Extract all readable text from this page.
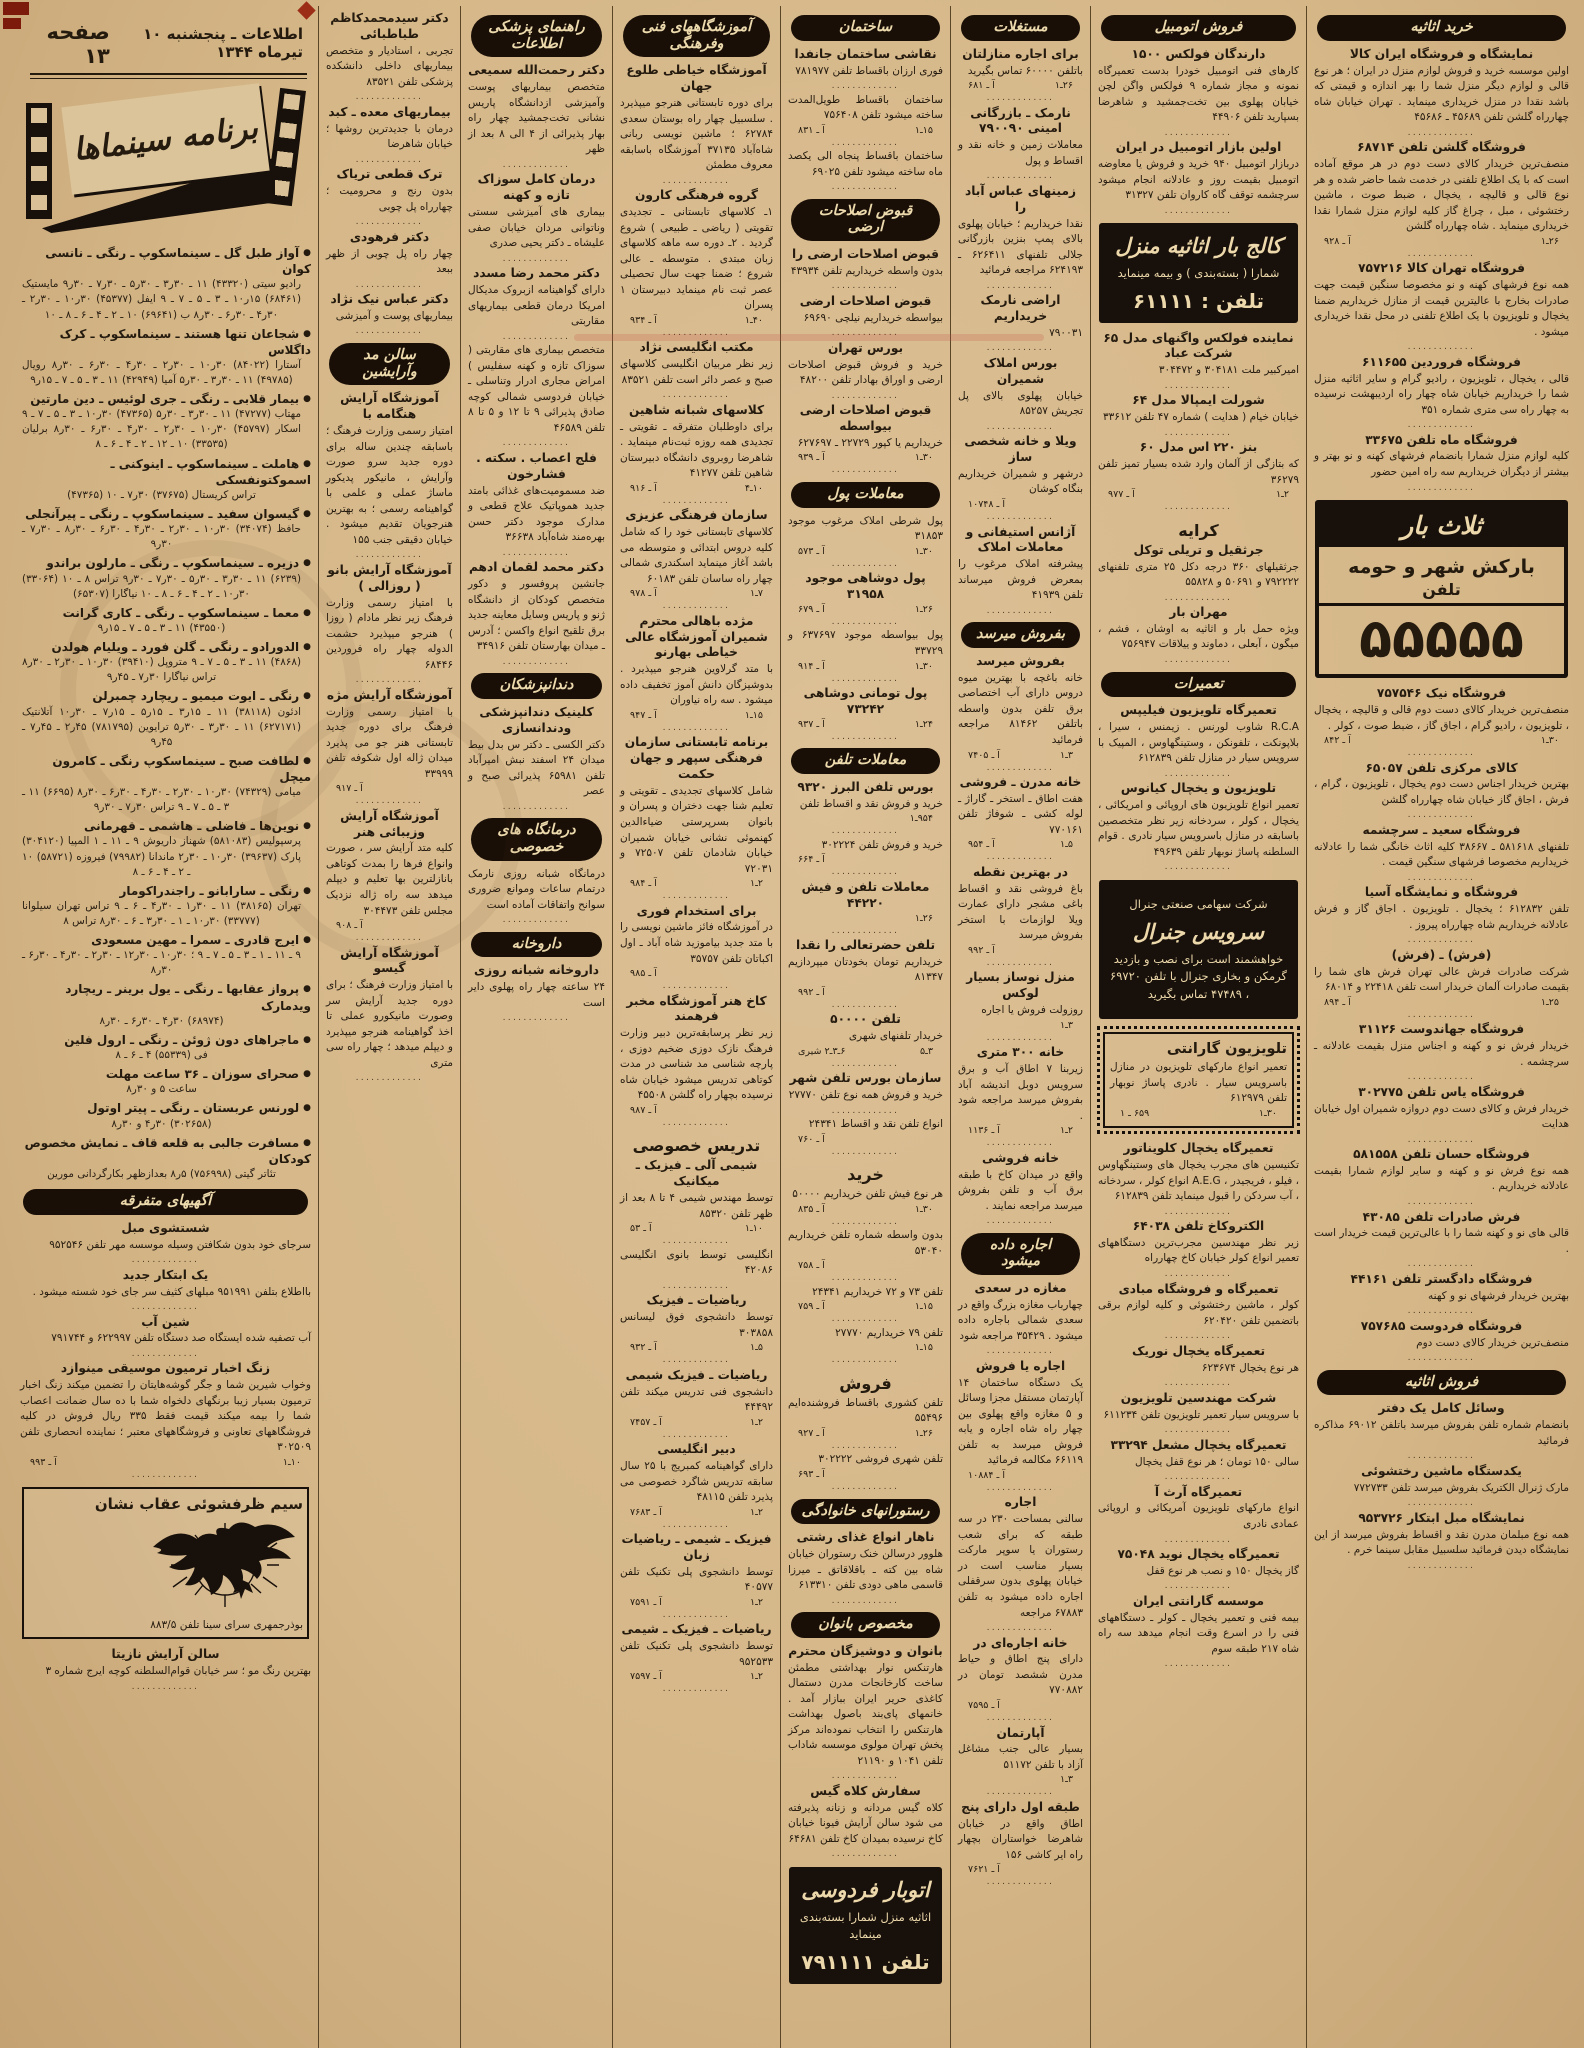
خرید اثاثیه
نمایشگاه و فروشگاه ایران کالا
اولین موسسه خرید و فروش لوازم منزل در ایران ؛ هر نوع قالی و لوازم دیگر منزل شما را بهر اندازه و قیمتی که باشد نقدا در منزل خریداری مینماید . تهران خیابان شاه چهارراه گلشن تلفن ۴۵۶۸۹ ـ ۴۵۶۸۶
.............
فروشگاه گلشن تلفن ۶۸۷۱۴
منصف‌ترین خریدار کالای دست دوم در هر موقع آماده است که با یک اطلاع تلفنی در خدمت شما حاضر شده و هر نوع قالی و قالیچه ، یخچال ، ضبط صوت ، ماشین رختشوئی ، مبل ، چراغ گاز کلیه لوازم منزل شمارا نقدا خریداری مینماید . شاه چهارراه گلشن
۲۶ـ۱
آ ـ ۹۲۸
.............
فروشگاه تهران کالا ۷۵۷۲۱۶
همه نوع فرشهای کهنه و نو مخصوصا سنگین قیمت جهت صادرات بخارج با عالیترین قیمت از منازل خریداریم ضمنا یخچال و تلویزیون با یک اطلاع تلفنی در محل نقدا خریداری میشود .
.............
فروشگاه فروردین ۶۱۱۶۵۵
قالی ، یخچال ، تلویزیون ، رادیو گرام و سایر اثاثیه منزل شما را خریداریم خیابان شاه چهار راه اردیبهشت نرسیده به چهار راه سی متری شماره ۳۵۱
.............
فروشگاه ماه تلفن ۳۳۶۷۵
کلیه لوازم منزل شمارا بانضمام فرشهای کهنه و نو بهتر و بیشتر از دیگران خریداریم سه راه امین حضور
.............
ثلاث بار
بارکش شهر و حومه
تلفن
۵۵۵۵۵
فروشگاه نیک ۷۵۷۵۴۶
منصف‌ترین خریدار کالای دست دوم قالی و قالیچه ، یخچال ، تلویزیون ، رادیو گرام ، اجاق گاز ، ضبط صوت ، کولر .
۳۰ـ۱
آ ـ ۸۴۲
.............
کالای مرکزی تلفن ۶۵۰۵۷
بهترین خریدار اجناس دست دوم یخچال ، تلویزیون ، گرام ، فرش ، اجاق گاز خیابان شاه چهارراه گلشن
.............
فروشگاه سعید ـ سرچشمه
تلفنهای ۵۸۱۶۱۸ ـ ۳۸۶۶۷ کلیه اثاث خانگی شما را عادلانه خریداریم مخصوصا فرشهای سنگین قیمت .
.............
فروشگاه و نمایشگاه آسیا
تلفن ۶۱۲۸۳۲ ؛ یخچال . تلویزیون . اجاق گاز و فرش عادلانه خریداریم شاه چهارراه پیروز .
.............
(فرش) ـ (فرش)
شرکت صادرات فرش عالی تهران فرش های شما را بقیمت صادرات آلمان خریدار است تلفن ۲۲۴۱۸ و ۶۸۰۱۴
۲۵ـ۱
آ ـ ۸۹۴
.............
فروشگاه جهاندوست ۳۱۱۲۶
خریدار فرش نو و کهنه و اجناس منزل بقیمت عادلانه ـ سرچشمه .
.............
فروشگاه یاس تلفن ۳۰۲۷۷۵
خریدار فرش و کالای دست دوم دروازه شمیران اول خیابان هدایت
.............
فروشگاه حسان تلفن ۵۸۱۵۵۸
همه نوع فرش نو و کهنه و سایر لوازم شمارا بقیمت عادلانه خریداریم .
.............
فرش صادرات تلفن ۴۳۰۸۵
قالی های نو و کهنه شما را با عالی‌ترین قیمت خریدار است .
.............
فروشگاه دادگستر تلفن ۴۴۱۶۱
بهترین خریدار فرشهای نو و کهنه
.............
فروشگاه فردوست ۷۵۷۶۸۵
منصف‌ترین خریدار کالای دست دوم
.............
فروش اثاثیه
وسائل کامل یک دفتر
بانضمام شماره تلفن بفروش میرسد باتلفن ۶۹۰۱۲ مذاکره فرمائید
.............
یکدستگاه ماشین رختشوئی
مارک ژنرال الکتریک بفروش میرسد تلفن ۷۷۲۷۳۳
.............
نمایشگاه مبل ابتکار ۹۵۳۷۲۶
همه نوع مبلمان مدرن نقد و اقساط بفروش میرسد از این نمایشگاه دیدن فرمائید سلسبیل مقابل سینما خرم .
.............
فروش اتومبیل
دارندگان فولکس ۱۵۰۰
کارهای فنی اتومبیل خودرا بدست تعمیرگاه نمونه و مجاز شماره ۹ فولکس واگن لچن خیابان پهلوی بین تخت‌جمشید و شاهرضا بسپارید تلفن ۴۴۹۰۶
.............
اولین بازار اتومبیل در ایران
دربازار اتومبیل ۹۴۰ خرید و فروش یا معاوضه اتومبیل بقیمت روز و عادلانه انجام میشود سرچشمه توقف گاه کاروان تلفن ۳۱۳۲۷
.............
کالج بار اثاثیه منزل
شمارا ( بسته‌بندی ) و بیمه مینماید
تلفن : ۶۱۱۱۱
نماینده فولکس واگنهای مدل ۶۵ شرکت عباد
امیرکبیر ملت ۳۰۴۱۸۱ و ۳۰۴۴۷۲
.............
شورلت ایمپالا مدل ۶۴
خیابان خیام ( هدایت ) شماره ۴۷ تلفن ۳۳۶۱۲
.............
بنز ۲۲۰ اس مدل ۶۰
که بتازگی از آلمان وارد شده بسیار تمیز تلفن ۳۶۲۷۹
۲ـ۱
آ ـ ۹۷۷
.............
کرایه
جرثقیل و تریلی توکل
جرثقیلهای ۳۶۰ درجه دکل ۲۵ متری تلفنهای ۷۹۲۲۲۲ و ۵۰۶۹۱ و ۵۵۸۲۸
.............
مهران بار
ویژه حمل بار و اثاثیه به اوشان ، فشم ، میگون ، آبعلی ، دماوند و ییلاقات ۷۵۶۹۴۷
.............
تعمیرات
تعمیرگاه تلویزیون فیلیپس
R.C.A شاوب لورنس . زیمنس ، سیرا ، بلاپونکت ، تلفونکن ، وستینگهاوس ، المپیک با سرویس سیار در منازل تلفن ۶۱۲۸۳۹
.............
تلویزیون و یخچال کیانوس
تعمیر انواع تلویزیون های اروپائی و امریکائی ، یخچال ، کولر ، سردخانه زیر نظر متخصصین باسابقه در منازل باسرویس سیار نادری . قوام السلطنه پاساژ نوبهار تلفن ۴۹۶۳۹
.............
شرکت سهامی صنعتی جنرال
سرویس جنرال
خواهشمند است برای نصب و بازدید گرمکن و بخاری جنرال با تلفن ۶۹۷۲۰ ، ۴۷۴۸۹ تماس بگیرید
تلویزیون گارانتی
تعمیر انواع مارکهای تلویزیون در منازل باسرویس سیار . نادری پاساژ نوبهار تلفن ۶۱۲۹۷۹
۳۰ـ۱
۶۵۹ ـ ۱
تعمیرگاه یخچال کلویناتور
تکنیسین های مجرب یخچال های وستینگهاوس ، فیلو ، فریجیدر ، A.E.G انواع کولر ، سردخانه ، آب سردکن را قبول مینماید تلفن ۶۱۲۸۳۹
.............
الکتروکاخ تلفن ۶۴۰۳۸
زیر نظر مهندسین مجرب‌ترین دستگاههای تعمیر انواع کولر خیابان کاخ چهارراه
.............
تعمیرگاه و فروشگاه مبادی
کولر ، ماشین رختشوئی و کلیه لوازم برقی باتضمین تلفن ۶۲۰۴۲۰
.............
تعمیرگاه یخچال نوریک
هر نوع یخچال ۶۲۳۶۷۴
.............
شرکت مهندسین تلویزیون
با سرویس سیار تعمیر تلویزیون تلفن ۶۱۱۲۳۴
.............
تعمیرگاه یخچال مشعل ۳۳۲۹۴
سالی ۱۵۰ تومان ؛ هر نوع قفل یخچال
.............
تعمیرگاه آرث آ
انواع مارکهای تلویزیون آمریکائی و اروپائی عمادی نادری
.............
تعمیرگاه یخچال نوید ۷۵۰۴۸
گاز یخچال ۱۵۰ و نصب هر نوع قفل
.............
موسسه گارانتی ایران
بیمه فنی و تعمیر یخچال ـ کولر ـ دستگاههای فنی را در اسرع وقت انجام میدهد سه راه شاه ۲۱۷ طبقه سوم
.............
مستغلات
برای اجاره منازلتان
باتلفن ۶۰۰۰۰ تماس بگیرید
۲۶ـ۱
آ ـ ۶۸۱
.............
نارمک ـ بازرگانی امینی ۷۹۰۰۹۰
معاملات زمین و خانه نقد و اقساط و پول
.............
زمینهای عباس آباد را
نقدا خریداریم ؛ خیابان پهلوی بالای پمپ بنزین بازرگانی جلالی تلفنهای ۶۲۶۴۱۱ ـ ۶۲۴۱۹۳ مراجعه فرمائید
.............
اراضی نارمک خریداریم
۷۹۰۰۳۱
.............
بورس املاک شمیران
خیابان پهلوی بالای پل تجریش ۸۵۲۵۷
.............
ویلا و خانه شخصی ساز
درشهر و شمیران خریداریم بنگاه کوشان
آ ـ ۱۰۷۴۸
.............
آژانس استیفانی و معاملات املاک
پیشرفته املاک مرغوب را بمعرض فروش میرساند تلفن ۴۱۹۳۹
.............
بفروش میرسد
بفروش میرسد
خانه باغچه با بهترین میوه دروس دارای آب اختصاصی برق تلفن بدون واسطه باتلفن ۸۱۴۶۲ مراجعه فرمائید
۳ـ۱
آ ـ ۷۴۰۵
.............
خانه مدرن ـ فروشی
هفت اطاق ـ استخر ـ گاراژ ـ لوله کشی ـ شوفاژ تلفن ۷۷۰۱۶۱
۵ـ۱
آ ـ ۹۵۴
.............
در بهترین نقطه
باغ فروشی نقد و اقساط باغی مشجر دارای عمارت ویلا لوازمات با استخر بفروش میرسد
آ ـ ۹۹۲
.............
منزل نوساز بسیار لوکس
روزولت فروش یا اجاره
۳ـ۱
.............
خانه ۳۰۰ متری
زیربنا ۷ اطاق آب و برق سرویس دوبل اندیشه آباد بفروش میرسد مراجعه شود .
۲ـ۱
آ ـ ۱۱۳۶
.............
خانه فروشی
واقع در میدان کاخ با طبقه برق آب و تلفن بفروش میرسد مراجعه نمایند .
.............
اجاره داده میشود
مغازه در سعدی
چهارباب مغازه بزرگ واقع در سعدی شمالی باجاره داده میشود . ۳۵۴۲۹ مراجعه شود
.............
اجاره یا فروش
یک دستگاه ساختمان ۱۴ آپارتمان مستقل مجزا وسائل و ۵ مغازه واقع پهلوی بین چهار راه شاه اجاره و یابه فروش میرسد به تلفن ۶۶۱۱۹ مکالمه فرمائید
آ ـ ۱۰۸۸۴
.............
اجاره
سالنی بمساحت ۲۳۰ در سه طبقه که برای شعب رستوران یا سوپر مارکت بسیار مناسب است در خیابان پهلوی بدون سرقفلی اجاره داده میشود به تلفن ۶۷۸۸۳ مراجعه
.............
خانه اجاره‌ای در
دارای پنج اطاق و حیاط مدرن ششصد تومان در ۷۷۰۸۸۲
آ ـ ۷۵۹۵
.............
آپارتمان
بسیار عالی جنب مشاغل آزاد با تلفن ۵۱۱۷۲
۳ـ۱
.............
طبقه اول دارای پنج
اطاق واقع در خیابان شاهرضا خواستاران بچهار راه ایر کاشی ۱۵۶
آ ـ ۷۶۲۱
.............
ساختمان
نقاشی ساختمان جانفدا
فوری ارزان باقساط تلفن ۷۸۱۹۷۷
.............
ساختمان باقساط طویل‌المدت ساخته میشود تلفن ۷۵۶۴۰۸
۱۵ـ۱
آ ـ ۸۳۱
.............
ساختمان باقساط پنجاه الی یکصد ماه ساخته میشود تلفن ۶۹۰۲۵
.............
قبوض اصلاحات ارضی
قبوض اصلاحات ارضی را
بدون واسطه خریداریم تلفن ۴۳۹۳۴
.............
قبوض اصلاحات ارضی
بیواسطه خریداریم نیلچی ۶۹۶۹۰
.............
بورس تهران
خرید و فروش قبوض اصلاحات ارضی و اوراق بهادار تلفن ۴۸۲۰۰
.............
قبوض اصلاحات ارضی بیواسطه
خریداریم یا کپور ۲۲۷۲۹ ـ ۶۲۷۶۹۷
۳۰ـ۱
آ ـ ۹۳۹
.............
معاملات پول
پول شرطی املاک مرغوب موجود ۳۱۸۵۳
۳۰ـ۱
آ ـ ۵۷۳
.............
پول دوشاهی موجود ۳۱۹۵۸
۲۶ـ۱
آ ـ ۶۷۹
.............
پول بیواسطه موجود ۶۳۷۶۹۷ و ۳۳۷۲۹
۳۰ـ۱
آ ـ ۹۱۴
.............
پول تومانی دوشاهی ۷۳۲۴۲
۲۴ـ۱
آ ـ ۹۳۷
.............
معاملات تلفن
بورس تلفن البرز ۹۳۲۰
خرید و فروش نقد و اقساط تلفن
۹۵۴ـ۱
.............
خرید و فروش تلفن ۳۰۲۲۲۴
آ ـ ۶۶۴
.............
معاملات تلفن و فیش ۴۴۲۲۰
۲۶ـ۱
.............
تلفن حضرتعالی را نقدا
خریداریم تومان بخودتان میپردازیم ۸۱۳۴۷
آ ـ ۹۹۲
.............
تلفن ۵۰۰۰۰
خریدار تلفنهای شهری
۳ـ۵
۶ـ۳ـ۲ شیری
.............
سازمان بورس تلفن شهر
خرید و فروش همه نوع تلفن ۲۷۷۷۰
.............
انواع تلفن نقد و اقساط ۲۴۳۴۱
آ ـ ۷۶۰
.............
خرید
هر نوع فیش تلفن خریداریم ۵۰۰۰۰
۳۰ـ۱
آ ـ ۸۳۵
.............
بدون واسطه شماره تلفن خریداریم ۵۳۰۴۰
آ ـ ۷۵۸
.............
تلفن ۷۳ و ۷۲ خریداریم ۲۴۳۴۱
۱۵ـ۱
آ ـ ۷۵۹
.............
تلفن ۷۹ خریداریم ۲۷۷۷۰
۱۵ـ۱
.............
فروش
تلفن کشوری باقساط فروشنده‌ایم ۵۵۴۹۶
۲۶ـ۱
آ ـ ۹۲۷
.............
تلفن شهری فروشی ۳۰۲۲۲۲
آ ـ ۶۹۳
.............
رستورانهای خانوادگی
ناهار انواع غذای رشتی
هلوور درسالن خنک رستوران خیابان شاه بین کته ـ باقلاقاتق ـ میرزا قاسمی ماهی دودی تلفن ۶۱۳۳۱۰
.............
مخصوص بانوان
بانوان و دوشیزگان محترم
هارتنکس نوار بهداشتی مطمئن ساخت کارخانجات مدرن دستمال کاغذی حریر ایران ببازار آمد . خانمهای پای‌بند باصول بهداشت هارتنکس را انتخاب نموده‌اند مرکز پخش تهران مولوی موسسه شاداب تلفن ۱۰۴۱ و ۲۱۱۹۰
.............
سفارش کلاه گیس
کلاه گیس مردانه و زنانه پذیرفته می شود سالن آرایش فیونا خیابان کاخ نرسیده بمیدان کاخ تلفن ۶۴۶۸۱
.............
اتوبار فردوسی
اثاثیه منزل شمارا بسته‌بندی مینماید
تلفن ۷۹۱۱۱۱
آموزشگاههای فنی وفرهنگی
آموزشگاه خیاطی طلوع جهان
برای دوره تابستانی هنرجو میپذیرد . سلسبیل چهار راه بوستان سعدی ۶۲۷۸۴ ؛ ماشین نویسی ربانی شاه‌آباد ۳۷۱۳۵ آموزشگاه باسابقه معروف مطمئن
.............
گروه فرهنگی کارون
۱ـ کلاسهای تابستانی ـ تجدیدی تقویتی ( ریاضی ـ طبیعی ) شروع گردید . ۲ـ دوره سه ماهه کلاسهای زبان مبتدی . متوسطه ـ عالی شروع ؛ ضمنا جهت سال تحصیلی عصر ثبت نام مینماید دبیرستان ۱ پسران
۴۰ـ۱
آ ـ ۹۳۴
.............
مکتب انگلیسی نژاد
زیر نظر مربیان انگلیسی کلاسهای صبح و عصر دائر است تلفن ۸۳۵۲۱
.............
کلاسهای شبانه شاهین
برای داوطلبان متفرقه ـ تقویتی ـ تجدیدی همه روزه ثبت‌نام مینماید . شاهرضا روبروی دانشگاه دبیرستان شاهین تلفن ۴۱۲۷۷
۱۰ـ۴
آ ـ ۹۱۶
.............
سازمان فرهنگی عزیزی
کلاسهای تابستانی خود را که شامل کلیه دروس ابتدائی و متوسطه می باشد آغاز مینماید اسکندری شمالی چهار راه ساسان تلفن ۶۰۱۸۳
۷ـ۱
آ ـ ۹۷۸
.............
مژده باهالی محترم شمیران آموزشگاه عالی خیاطی بهارنو
با متد گرلاوین هنرجو میپذیرد . بدوشیزگان دانش آموز تخفیف داده میشود . سه راه نیاوران
۱۵ـ۱
آ ـ ۹۴۷
.............
برنامه تابستانی سازمان فرهنگی سپهر و جهان حکمت
شامل کلاسهای تجدیدی ـ تقویتی و تعلیم شنا جهت دختران و پسران و بانوان بسرپرستی ضیاءالدین کهنموئی نشانی خیابان شمیران خیابان شادمان تلفن ۷۲۵۰۷ و ۷۲۰۳۱
۲ـ۱
آ ـ ۹۸۴
.............
برای استخدام فوری
در آموزشگاه فائز ماشین نویسی را با متد جدید بیاموزید شاه آباد ـ اول اکباتان تلفن ۳۵۷۵۷
آ ـ ۹۸۵
.............
کاخ هنر آموزشگاه مخبر فرهمند
زیر نظر پرسابقه‌ترین دبیر وزارت فرهنگ نازک دوزی ضخیم دوزی ، پارچه شناسی مد شناسی در مدت کوتاهی تدریس میشود خیابان شاه نرسیده بچهار راه گلشن ۴۵۵۰۸
آ ـ ۹۸۷
.............
تدریس خصوصی
شیمی آلی ـ فیزیک ـ میکانیک
توسط مهندس شیمی ۴ تا ۸ بعد از ظهر تلفن ۸۵۳۲۰
۱۰ـ۱
آ ـ ۵۳
.............
انگلیسی توسط بانوی انگلیسی ۴۲۰۸۶
.............
ریاضیات ـ فیزیک
توسط دانشجوی فوق لیسانس ۳۰۳۸۵۸
۵ـ۱
آ ـ ۹۳۲
.............
ریاضیات ـ فیزیک شیمی
دانشجوی فنی تدریس میکند تلفن ۴۴۴۹۲
۲ـ۱
آ ـ ۷۴۵۷
.............
دبیر انگلیسی
دارای گواهینامه کمبریج با ۲۵ سال سابقه تدریس شاگرد خصوصی می پذیرد تلفن ۴۸۱۱۵
۲ـ۱
آ ـ ۷۶۸۳
.............
فیزیک ـ شیمی ـ ریاضیات زبان
توسط دانشجوی پلی تکنیک تلفن ۴۰۵۷۷
۲ـ۱
آ ـ ۷۵۹۱
.............
ریاضیات ـ فیزیک ـ شیمی
توسط دانشجوی پلی تکنیک تلفن ۹۵۲۵۳۳
۲ـ۱
آ ـ ۷۵۹۷
.............
راهنمای پزشکی اطلاعات
دکتر رحمت‌الله سمیعی
متخصص بیماریهای پوست وآمیزشی ازدانشگاه پاریس نشانی تخت‌جمشید چهار راه بهار پذیرائی از ۴ الی ۸ بعد از ظهر
.............
درمان کامل سوزاک تازه و کهنه
بیماری های آمیزشی سستی وناتوانی مردان خیابان صفی علیشاه ـ دکتر یحیی صدری
.............
دکتر محمد رضا مسدد
دارای گواهینامه ازبروک مدیکال امریکا درمان قطعی بیماریهای مقاربتی
.............
متخصص بیماری های مقاربتی ( سوزاک تازه و کهنه سفلیس ) امراض مجاری ادرار وتناسلی ـ خیابان فردوسی شمالی کوچه صادق پذیرائی ۹ تا ۱۲ و ۵ تا ۸ تلفن ۴۶۵۸۹
.............
فلج اعصاب . سکته . فشارخون
ضد مسمومیت‌های غذائی بامتد جدید هموپاتیک علاج قطعی و مدارک موجود دکتر حسن بهره‌مند شاه‌آباد ۳۶۶۳۸
.............
دکتر محمد لقمان ادهم
جانشین پروفسور و دکور متخصص کودکان از دانشگاه ژنو و پاریس وسایل معاینه جدید برق تلقیح انواع واکسن ؛ آدرس ـ میدان بهارستان تلفن ۳۴۹۱۶
.............
دندانپزشکان
کلینیک دندانپزشکی ودندانسازی
دکتر الکسی ـ دکتر س بدل بیط میدان ۲۴ اسفند نبش امیرآباد تلفن ۶۵۹۸۱ پذیرائی صبح و عصر
.............
درمانگاه های خصوصی
درمانگاه شبانه روزی نارمک درتمام ساعات وموانع ضروری سوانح واتفاقات آماده است
.............
داروخانه
داروخانه شبانه روزی
۲۴ ساعته چهار راه پهلوی دایر است
.............
دکتر سیدمحمدکاظم طباطبائی
تجربی ، استادیار و متخصص بیماریهای داخلی دانشکده پزشکی تلفن ۸۳۵۲۱
.............
بیماریهای معده ـ کبد
درمان با جدیدترین روشها ؛ خیابان شاهرضا
.............
ترک قطعی تریاک
بدون رنج و محرومیت ؛ چهارراه پل چوبی
.............
دکتر فرهودی
چهار راه پل چوبی از ظهر ببعد
.............
دکتر عباس نیک نژاد
بیماریهای پوست و آمیزشی
.............
سالن مد وآرایشین
آموزشگاه آرایش هنگامه با
امتیاز رسمی وزارت فرهنگ ؛ باسابقه چندین ساله برای دوره جدید سرو صورت وآرایش ، مانیکور پدیکور ماساژ عملی و علمی با گواهینامه رسمی ؛ به بهترین هنرجویان تقدیم میشود . خیابان دقیقی جنب ۱۵۵
.............
آموزشگاه آرایش بانو ( روزالی )
با امتیاز رسمی وزارت فرهنگ زیر نظر مادام ( روزا ) هنرجو میپذیرد حشمت الدوله چهار راه فروردین ۶۸۴۴۶
.............
آموزشگاه آرایش مژه
با امتیاز رسمی وزارت فرهنگ برای دوره جدید تابستانی هنر جو می پذیرد میدان ژاله اول شکوفه تلفن ۳۳۹۹۹
آ ـ ۹۱۷
.............
آموزشگاه آرایش وزیبائی هنر
کلیه متد آرایش سر ، صورت وانواع فرها را بمدت کوتاهی بانازلترین بها تعلیم و دیپلم میدهد سه راه ژاله نزدیک مجلس تلفن ۳۰۴۴۷۳
آ ـ ۹۰۸
.............
آموزشگاه آرایش گیسو
با امتیاز وزارت فرهنگ ؛ برای دوره جدید آرایش سر وصورت مانیکورو عملی تا اخذ گواهینامه هنرجو میپذیرد و دیپلم میدهد ؛ چهار راه سی متری
.............
اطلاعات ـ پنجشنبه ۱۰ تیرماه ۱۳۴۴
صفحه ۱۳
برنامه سینماها
●آواز طبل گل ـ سینماسکوپ ـ رنگی ـ نانسی کوان
رادیو سیتی (۴۳۳۲۰) ۱۱ ـ ۳۰ر۳ ـ ۳۰ر۵ ـ ۳۰ر۷ ـ ۳۰ر۹ مایستیک (۶۸۴۶۱) ۱۵ر۱۰ ـ ۳ ـ ۵ ـ ۷ ـ ۹ ایفل (۴۵۳۷۷) ۳۰ر۱۰ ـ ۳۰ر۲ ـ ۳۰ر۴ ـ ۳۰ر۶ ـ ۳۰ر۸ ب (۶۹۶۴۱) ۱۰ ـ ۲ ـ ۴ ـ ۶ ـ ۸ ـ ۱۰
●شجاعان تنها هستند ـ سینماسکوپ ـ کرک داگلاس
آستارا (۸۴۰۲۲) ۳۰ر۱۰ ـ ۳۰ر۲ ـ ۳۰ر۴ ـ ۳۰ر۶ ـ ۳۰ر۸ رویال (۴۹۷۸۵) ۱۱ ـ ۳۰ر۳ ـ ۳۰ر۵ آمیا (۴۲۹۴۹) ۱۱ ـ ۳ ـ ۵ ـ ۷ ـ ۱۵ر۹
●بیمار قلابی ـ رنگی ـ جری لوئیس ـ دین مارتین
مهتاب (۴۷۲۷۷) ۱۱ ـ ۳۰ر۳ ـ ۳۰ر۵ (۴۷۳۶۵) ۳۰ر۱۰ ـ ۳ ـ ۵ ـ ۷ ـ ۹ اسکار (۴۵۷۹۷) ۳۰ر۱۰ ـ ۳۰ر۲ ـ ۳۰ر۴ ـ ۳۰ر۶ ـ ۳۰ر۸ برلیان (۳۳۵۳۵) ۱۰ ـ ۱۲ ـ ۲ ـ ۴ ـ ۶ ـ ۸
●هاملت ـ سینماسکوپ ـ اینوکنی ـ اسموکتونفسکی
تراس کریستال (۳۷۶۷۵) ۳۰ر۷ ـ ۱۰ (۴۷۳۶۵)
●گیسوان سفید ـ سینماسکوپ ـ رنگی ـ پیرآنجلی
حافظ (۳۴۰۷۴) ۳۰ر۱۰ ـ ۳۰ر۲ ـ ۳۰ر۴ ـ ۳۰ر۶ ـ ۳۰ر۸ ـ ۳۰ر۷ ـ ۳۰ر۹
●دزیره ـ سینماسکوپ ـ رنگی ـ مارلون براندو
(۶۲۳۹) ۱۱ ـ ۳۰ر۳ ـ ۳۰ر۵ ـ ۳۰ر۷ ـ ۳۰ر۹ تراس ۸ ـ ۱۰ (۳۳۰۶۴) ۳۰ر۱۰ ـ ۲ ـ ۴ ـ ۶ ـ ۸ ـ ۱۰ نیاگارا (۶۵۳۰۷)
●معما ـ سینماسکوپ ـ رنگی ـ کاری گرانت
(۴۳۵۵۰) ۱۱ ـ ۳ ـ ۵ ـ ۷ ـ ۱۵ر۹
●الدورادو ـ رنگی ـ گلن فورد ـ ویلیام هولدن
(۴۸۶۸) ۱۱ ـ ۳ ـ ۵ ـ ۷ ـ ۹ متروپل (۳۹۴۱۰) ۳۰ر۱۰ ـ ۳۰ر۲ ـ ۳۰ر۸ تراس نیاگارا ۳۰ر۷ ـ ۴۵ر۹
●رنگی ـ ایوت میمیو ـ ریچارد چمبرلن
ادئون (۳۸۱۱۸) ۱۱ ـ ۱۵ر۳ ـ ۱۵ر۵ ـ ۱۵ر۷ ـ ۳۰ر۱۰ آتلانتیک (۶۲۷۱۷۱) ۱۱ ـ ۳۰ر۳ ـ ۳۰ر۵ ترایوین (۷۸۱۷۹۵) ۴۵ر۲ ـ ۴۵ر۷ ـ ۴۵ر۹
●لطافت صبح ـ سینماسکوپ رنگی ـ کامرون میچل
میامی (۷۴۳۲۹) ۳۰ر۱۰ ـ ۳۰ر۲ ـ ۳۰ر۴ ـ ۳۰ر۶ ـ ۳۰ر۸ (۶۶۹۵) ۱۱ ـ ۳ ـ ۵ ـ ۷ ـ ۹ تراس ۳۰ر۷ ـ ۳۰ر۹
●نوین‌ها ـ فاضلی ـ هاشمی ـ قهرمانی
پرسپولیس (۵۸۱۰۸۳) شهناز داریوش ۹ ـ ۱۱ ـ ۱ المپیا (۳۰۴۱۲۰) پارک (۳۹۶۳۷) ۳۰ر۱۰ ـ ۳۰ر۲ ماندانا (۷۹۹۸۲) فیروزه (۵۸۷۲۱) ۱۰ ـ ۲ ـ ۴ ـ ۶ ـ ۸
●رنگی ـ سارابانو ـ راجندراکومار
تهران (۳۸۱۶۵) ۱۱ ـ ۳۰ر۱ ـ ۳۰ر۴ ـ ۶ ـ ۹ تراس تهران سیلوانا (۳۳۷۷۷) ۳۰ر۱۰ ـ ۱ ـ ۳۰ر۳ ـ ۶ ـ ۳۰ر۸ تراس ۸
●ایرج قادری ـ سمرا ـ مهین مسعودی
۹ ـ ۱۱ ـ ۱ ـ ۳ ـ ۵ ـ ۷ ـ ۹ ؛ ۳۰ر۱۰ ـ ۳۰ر۱۲ ـ ۳۰ر۲ ـ ۳۰ر۴ ـ ۳۰ر۶ ـ ۳۰ر۸
●پرواز عقابها ـ رنگی ـ یول برینر ـ ریچارد ویدمارک
(۶۸۹۷۴) ۳۰ر۴ ـ ۳۰ر۶ ـ ۳۰ر۸
●ماجراهای دون ژوئن ـ رنگی ـ ارول فلین
فی (۵۵۳۳۹) ۴ ـ ۶ ـ ۸
●صحرای سوزان ـ ۳۶ ساعت مهلت
ساعت ۵ و ۳۰ر۸
●لورنس عربستان ـ رنگی ـ پیتر اوتول
(۳۰۲۶۵۸) ۳۰ر۴ و ۳۰ر۸
●مسافرت جالبی به قلعه قاف ـ نمایش مخصوص کودکان
تئاتر گیتی (۷۵۶۹۹۸) ۵ر۸ بعدازظهر بکارگردانی مورین
آگهیهای متفرقه
شستشوی مبل
سرجای خود بدون شکافتن وسیله موسسه مهر تلفن ۹۵۲۵۴۶
.............
یک ابتکار جدید
بااطلاع بتلفن ۹۵۱۹۹۱ مبلهای کثیف سر جای خود شسته میشود .
.............
شین آب
آب تصفیه شده ایستگاه صد دستگاه تلفن ۶۲۲۹۹۷ و ۷۹۱۷۴۴
.............
زنگ اخبار ترمیون موسیقی مینوازد
وخواب شیرین شما و جگر گوشه‌هایتان را تضمین میکند زنگ اخبار ترمیون بسیار زیبا برنگهای دلخواه شما با ده سال ضمانت اعصاب شما را بیمه میکند قیمت فقط ۳۳۵ ریال فروش در کلیه فروشگاههای تعاونی و فروشگاههای معتبر ؛ نماینده انحصاری تلفن ۳۰۲۵۰۹
۱۰ـ۱
آ ـ ۹۹۳
.............
سیم ظرفشوئی عقاب نشان
بوذرجمهری سرای سینا تلفن ۸۸۳/۵
سالن آرایش نازیتا
بهترین رنگ مو ؛ سر خیابان قوام‌السلطنه کوچه ایرج شماره ۳
.............
